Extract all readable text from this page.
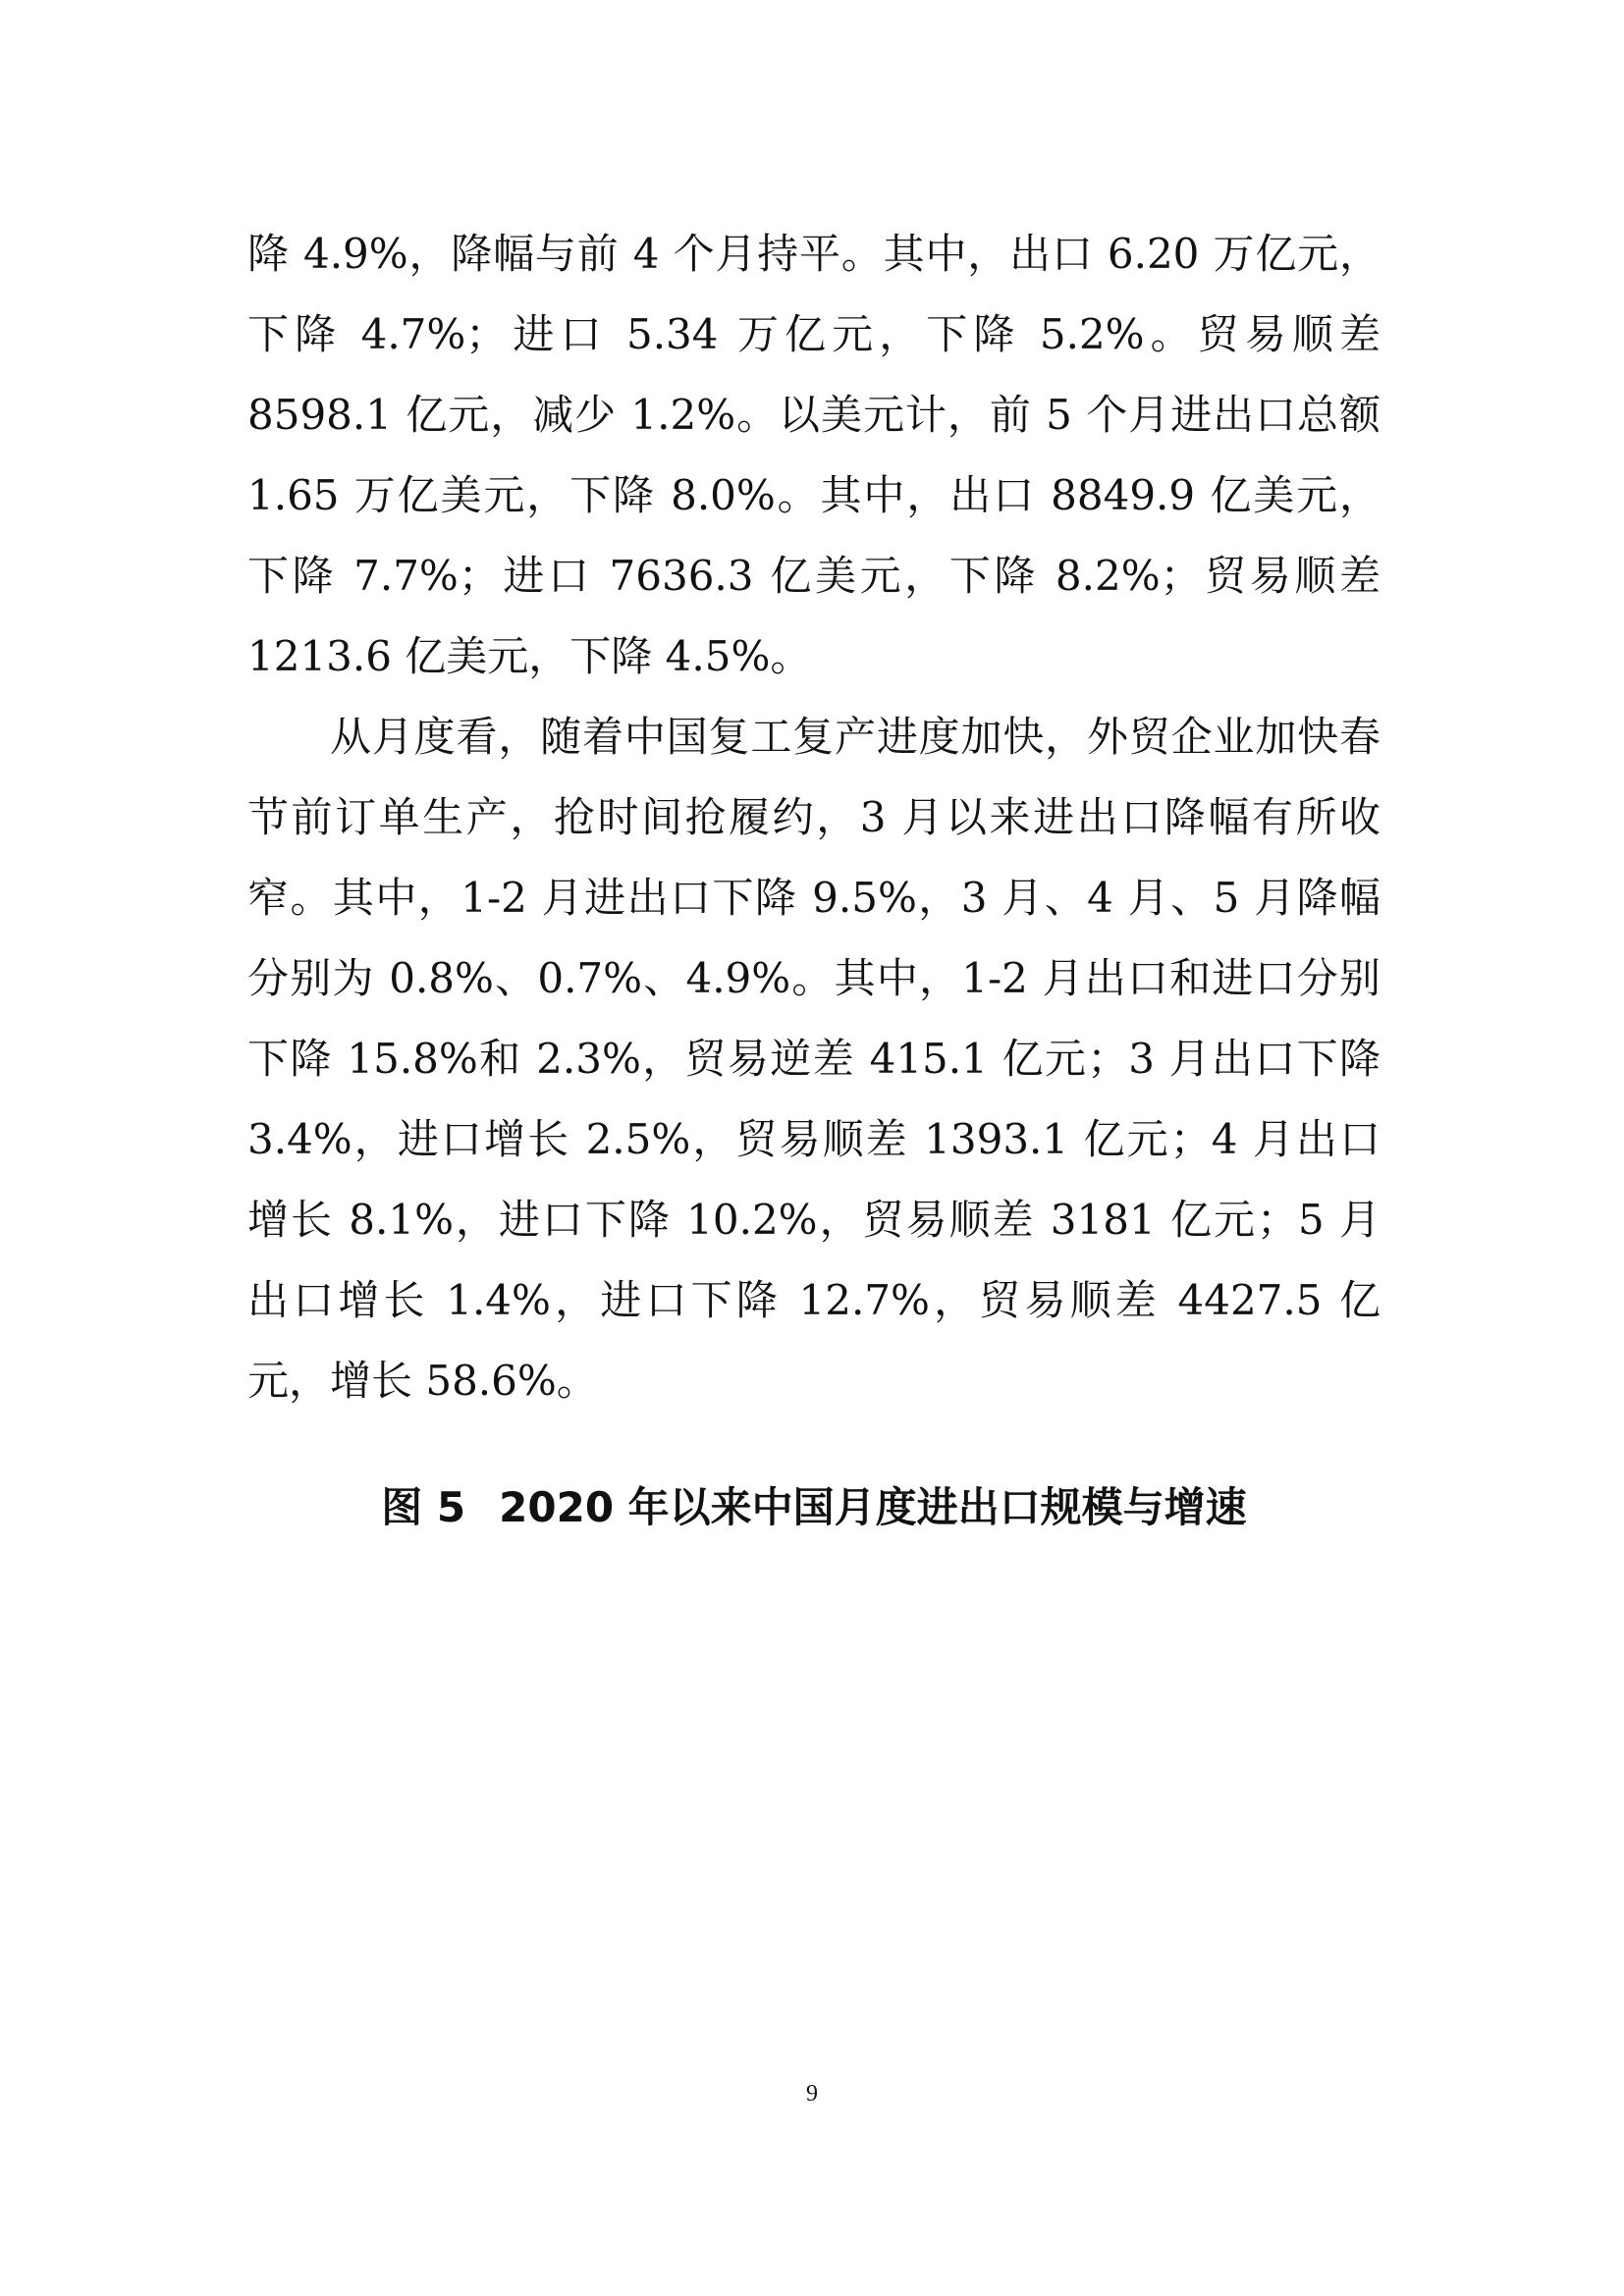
降 4.9%，降幅与前 4 个月持平。其中，出口 6.20 万亿元，下降 4.7%；进口 5.34 万亿元，下降 5.2%。贸易顺差 8598.1 亿元，减少 1.2%。以美元计，前 5 个月进出口总额 1.65 万亿美元，下降 8.0%。其中，出口 8849.9 亿美元，下降 7.7%；进口 7636.3 亿美元，下降 8.2%；贸易顺差 1213.6 亿美元，下降 4.5%。

从月度看，随着中国复工复产进度加快，外贸企业加快春节前订单生产，抢时间抢履约，3 月以来进出口降幅有所收窄。其中，1-2 月进出口下降 9.5%，3 月、4 月、5 月降幅分别为 0.8%、0.7%、4.9%。其中，1-2 月出口和进口分别下降 15.8%和 2.3%，贸易逆差 415.1 亿元；3 月出口下降 3.4%，进口增长 2.5%，贸易顺差 1393.1 亿元；4 月出口增长 8.1%，进口下降 10.2%，贸易顺差 3181 亿元；5 月出口增长 1.4%，进口下降 12.7%，贸易顺差 4427.5 亿元，增长 58.6%。

图 5 2020 年以来中国月度进出口规模与增速

9
